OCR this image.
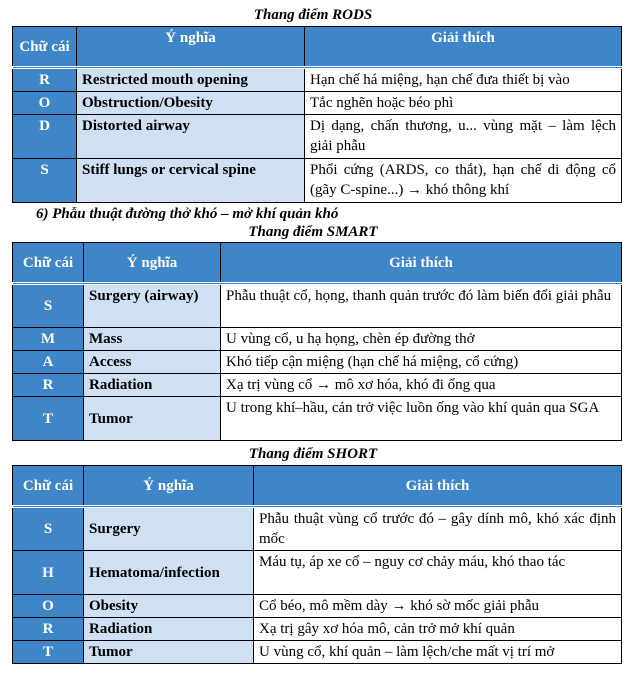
Thang điểm RODS
Chữ cái	Ý nghĩa	Giải thích
R	Restricted mouth opening	Hạn chế há miệng, hạn chế đưa thiết bị vào
O	Obstruction/Obesity	Tắc nghẽn hoặc béo phì
D	Distorted airway	Dị dạng, chấn thương, u... vùng mặt – làm lệch giải phẫu
S	Stiff lungs or cervical spine	Phổi cứng (ARDS, co thắt), hạn chế di động cổ (gãy C-spine...) → khó thông khí
6) Phẫu thuật đường thở khó – mở khí quản khó
Thang điểm SMART
Chữ cái	Ý nghĩa	Giải thích
S	Surgery (airway)	Phẫu thuật cổ, họng, thanh quản trước đó làm biến đổi giải phẫu
M	Mass	U vùng cổ, u hạ họng, chèn ép đường thở
A	Access	Khó tiếp cận miệng (hạn chế há miệng, cổ cứng)
R	Radiation	Xạ trị vùng cổ → mô xơ hóa, khó đi ống qua
T	Tumor	U trong khí–hầu, cản trở việc luồn ống vào khí quản qua SGA
Thang điểm SHORT
Chữ cái	Ý nghĩa	Giải thích
S	Surgery	Phẫu thuật vùng cổ trước đó – gây dính mô, khó xác định mốc
H	Hematoma/infection	Máu tụ, áp xe cổ – nguy cơ chảy máu, khó thao tác
O	Obesity	Cổ béo, mô mềm dày → khó sờ mốc giải phẫu
R	Radiation	Xạ trị gây xơ hóa mô, cản trở mở khí quản
T	Tumor	U vùng cổ, khí quản – làm lệch/che mất vị trí mở
